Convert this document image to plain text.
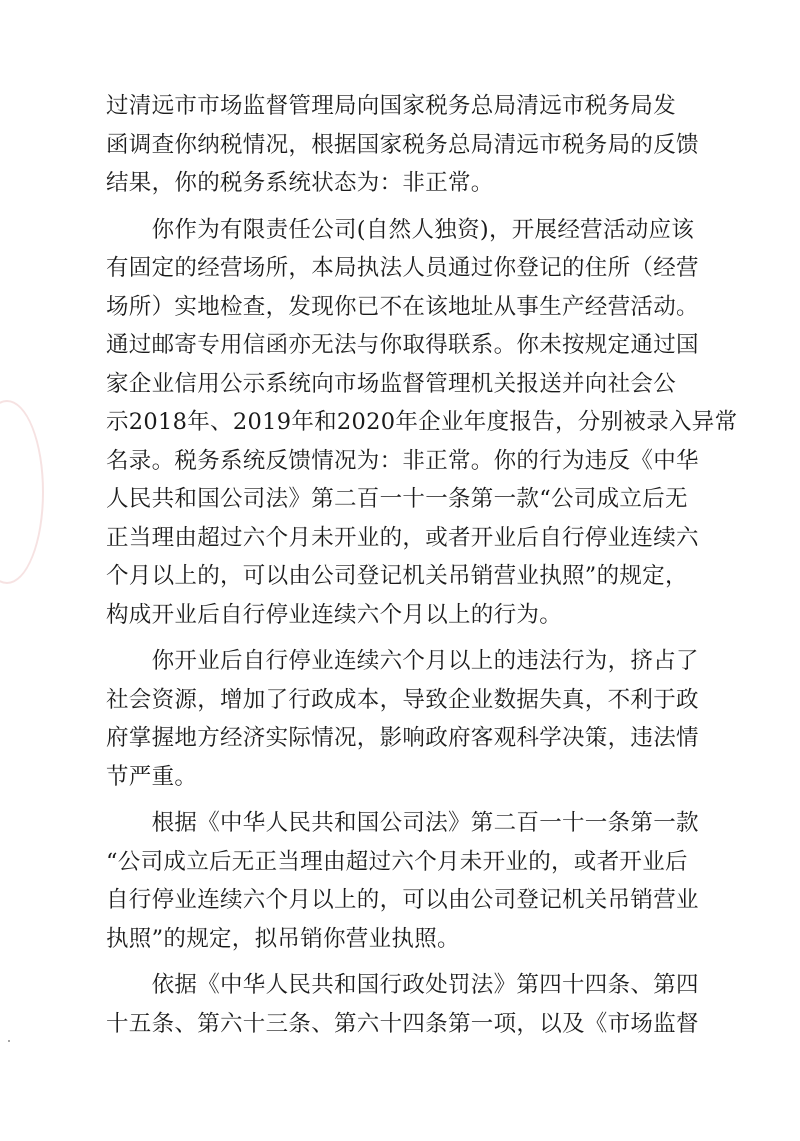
过清远市市场监督管理局向国家税务总局清远市税务局发
函调查你纳税情况，根据国家税务总局清远市税务局的反馈
结果，你的税务系统状态为：非正常。
　　你作为有限责任公司(自然人独资)，开展经营活动应该
有固定的经营场所，本局执法人员通过你登记的住所（经营
场所）实地检查，发现你已不在该地址从事生产经营活动。
通过邮寄专用信函亦无法与你取得联系。你未按规定通过国
家企业信用公示系统向市场监督管理机关报送并向社会公
示2018年、2019年和2020年企业年度报告，分别被录入异常
名录。税务系统反馈情况为：非正常。你的行为违反《中华
人民共和国公司法》第二百一十一条第一款“公司成立后无
正当理由超过六个月未开业的，或者开业后自行停业连续六
个月以上的，可以由公司登记机关吊销营业执照”的规定，
构成开业后自行停业连续六个月以上的行为。
　　你开业后自行停业连续六个月以上的违法行为，挤占了
社会资源，增加了行政成本，导致企业数据失真，不利于政
府掌握地方经济实际情况，影响政府客观科学决策，违法情
节严重。
　　根据《中华人民共和国公司法》第二百一十一条第一款
“公司成立后无正当理由超过六个月未开业的，或者开业后
自行停业连续六个月以上的，可以由公司登记机关吊销营业
执照”的规定，拟吊销你营业执照。
　　依据《中华人民共和国行政处罚法》第四十四条、第四
十五条、第六十三条、第六十四条第一项，以及《市场监督
